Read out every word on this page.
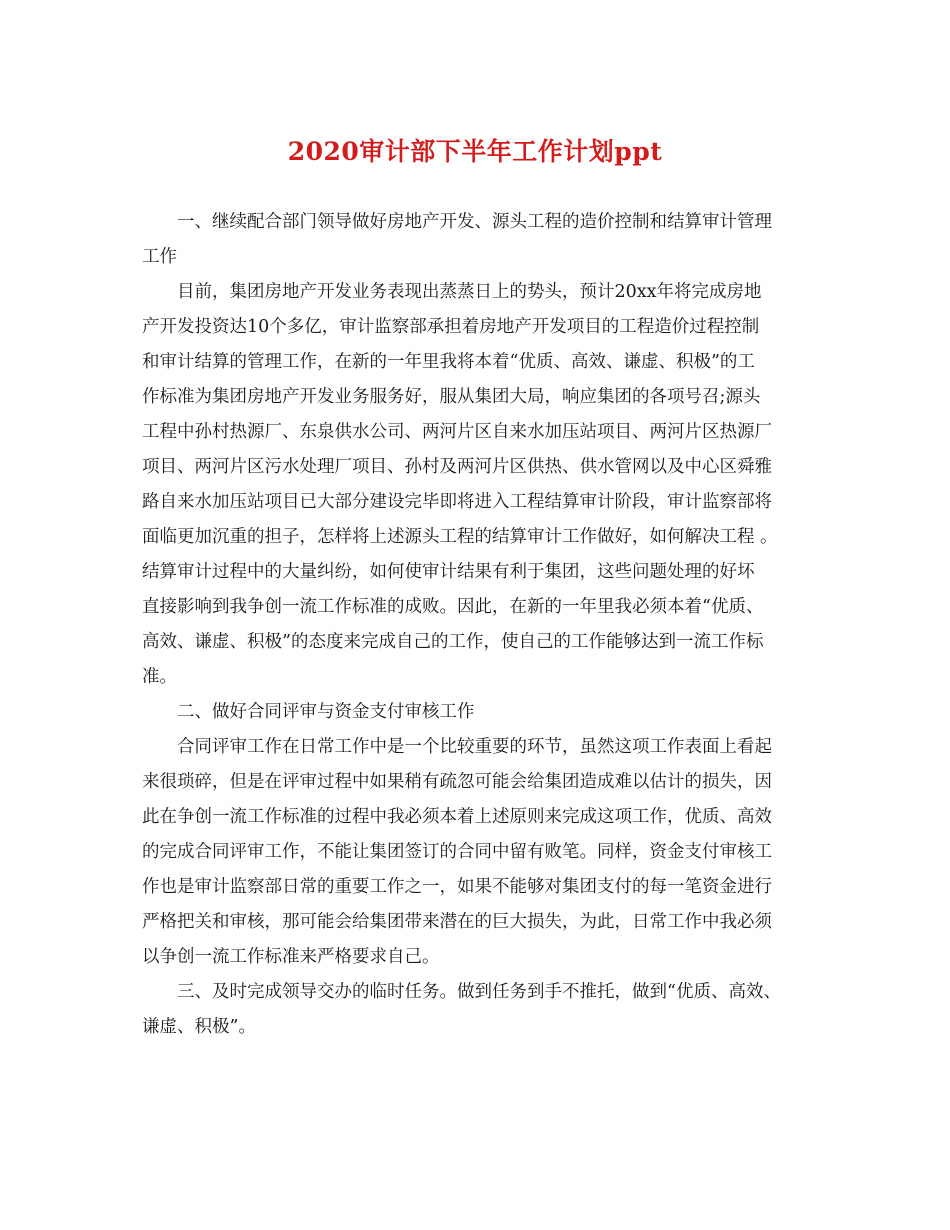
2020审计部下半年工作计划ppt
一、继续配合部门领导做好房地产开发、源头工程的造价控制和结算审计管理
工作
目前，集团房地产开发业务表现出蒸蒸日上的势头，预计20xx年将完成房地
产开发投资达10个多亿，审计监察部承担着房地产开发项目的工程造价过程控制
和审计结算的管理工作，在新的一年里我将本着“优质、高效、谦虚、积极”的工
作标准为集团房地产开发业务服务好，服从集团大局，响应集团的各项号召;源头
工程中孙村热源厂、东泉供水公司、两河片区自来水加压站项目、两河片区热源厂
项目、两河片区污水处理厂项目、孙村及两河片区供热、供水管网以及中心区舜雅
路自来水加压站项目已大部分建设完毕即将进入工程结算审计阶段，审计监察部将
面临更加沉重的担子，怎样将上述源头工程的结算审计工作做好，如何解决工程 。
结算审计过程中的大量纠纷，如何使审计结果有利于集团，这些问题处理的好坏
直接影响到我争创一流工作标准的成败。因此，在新的一年里我必须本着“优质、
高效、谦虚、积极”的态度来完成自己的工作，使自己的工作能够达到一流工作标
准。
二、做好合同评审与资金支付审核工作
合同评审工作在日常工作中是一个比较重要的环节，虽然这项工作表面上看起
来很琐碎，但是在评审过程中如果稍有疏忽可能会给集团造成难以估计的损失，因
此在争创一流工作标准的过程中我必须本着上述原则来完成这项工作，优质、高效
的完成合同评审工作，不能让集团签订的合同中留有败笔。同样，资金支付审核工
作也是审计监察部日常的重要工作之一，如果不能够对集团支付的每一笔资金进行
严格把关和审核，那可能会给集团带来潜在的巨大损失，为此，日常工作中我必须
以争创一流工作标准来严格要求自己。
三、及时完成领导交办的临时任务。做到任务到手不推托，做到“优质、高效、
谦虚、积极”。
